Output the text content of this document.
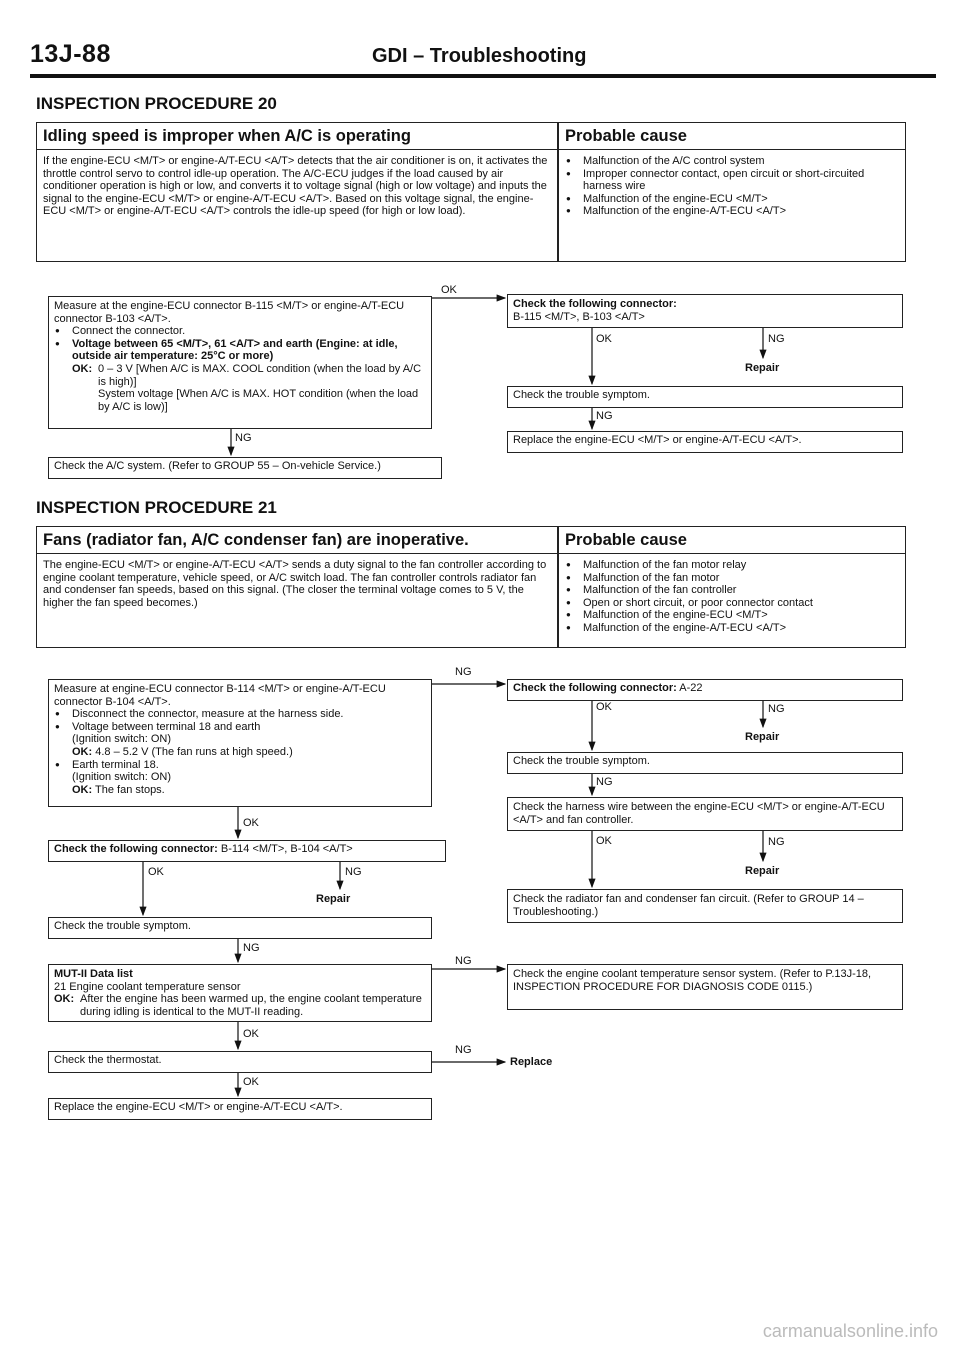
13J-88	GDI – Troubleshooting
INSPECTION PROCEDURE 20
Idling speed is improper when A/C is operating
If the engine-ECU <M/T> or engine-A/T-ECU <A/T> detects that the air conditioner is on, it activates the throttle control servo to control idle-up operation. The A/C-ECU judges if the load caused by air conditioner operation is high or low, and converts it to voltage signal (high or low voltage) and inputs the signal to the engine-ECU <M/T> or engine-A/T-ECU <A/T>. Based on this voltage signal, the engine-ECU <M/T> or engine-A/T-ECU <A/T> controls the idle-up speed (for high or low load).
Probable cause
● Malfunction of the A/C control system
● Improper connector contact, open circuit or short-circuited harness wire
● Malfunction of the engine-ECU <M/T>
● Malfunction of the engine-A/T-ECU <A/T>
Measure at the engine-ECU connector B-115 <M/T> or engine-A/T-ECU connector B-103 <A/T>.
● Connect the connector.
● Voltage between 65 <M/T>, 61 <A/T> and earth (Engine: at idle, outside air temperature: 25°C or more)
OK: 0 – 3 V [When A/C is MAX. COOL condition (when the load by A/C is high)]
System voltage [When A/C is MAX. HOT condition (when the load by A/C is low)]
Check the following connector:
B-115 <M/T>, B-103 <A/T>
Check the trouble symptom.
Replace the engine-ECU <M/T> or engine-A/T-ECU <A/T>.
Check the A/C system. (Refer to GROUP 55 – On-vehicle Service.)
OK
OK	NG
Repair
NG
NG
INSPECTION PROCEDURE 21
Fans (radiator fan, A/C condenser fan) are inoperative.
The engine-ECU <M/T> or engine-A/T-ECU <A/T> sends a duty signal to the fan controller according to engine coolant temperature, vehicle speed, or A/C switch load. The fan controller controls radiator fan and condenser fan speeds, based on this signal. (The closer the terminal voltage comes to 5 V, the higher the fan speed becomes.)
Probable cause
● Malfunction of the fan motor relay
● Malfunction of the fan motor
● Malfunction of the fan controller
● Open or short circuit, or poor connector contact
● Malfunction of the engine-ECU <M/T>
● Malfunction of the engine-A/T-ECU <A/T>
Measure at engine-ECU connector B-114 <M/T> or engine-A/T-ECU connector B-104 <A/T>.
● Disconnect the connector, measure at the harness side.
● Voltage between terminal 18 and earth
(Ignition switch: ON)
OK: 4.8 – 5.2 V (The fan runs at high speed.)
● Earth terminal 18.
(Ignition switch: ON)
OK: The fan stops.
Check the following connector: A-22
Check the trouble symptom.
Check the harness wire between the engine-ECU <M/T> or engine-A/T-ECU <A/T> and fan controller.
Check the radiator fan and condenser fan circuit. (Refer to GROUP 14 – Troubleshooting.)
Check the following connector: B-114 <M/T>, B-104 <A/T>
Check the trouble symptom.
MUT-II Data list
21 Engine coolant temperature sensor
OK: After the engine has been warmed up, the engine coolant temperature during idling is identical to the MUT-II reading.
Check the engine coolant temperature sensor system. (Refer to P.13J-18, INSPECTION PROCEDURE FOR DIAGNOSIS CODE 0115.)
Check the thermostat.	Replace
Replace the engine-ECU <M/T> or engine-A/T-ECU <A/T>.
NG
OK	NG
Repair
NG
OK	NG
Repair
OK
OK	NG
Repair
NG
NG
OK
NG
OK
carmanualsonline.info
